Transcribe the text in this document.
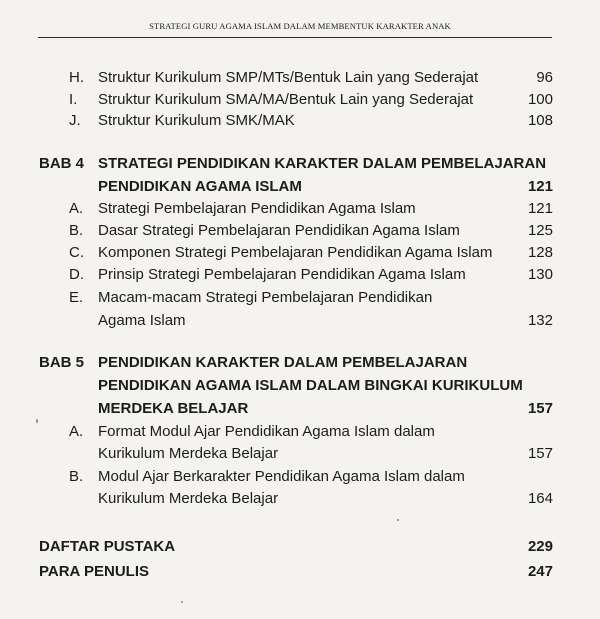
STRATEGI GURU AGAMA ISLAM DALAM MEMBENTUK KARAKTER ANAK
H. Struktur Kurikulum SMP/MTs/Bentuk Lain yang Sederajat	96
I. Struktur Kurikulum SMA/MA/Bentuk Lain yang Sederajat	100
J. Struktur Kurikulum SMK/MAK	108
BAB 4 STRATEGI PENDIDIKAN KARAKTER DALAM PEMBELAJARAN
PENDIDIKAN AGAMA ISLAM	121
A. Strategi Pembelajaran Pendidikan Agama Islam	121
B. Dasar Strategi Pembelajaran Pendidikan Agama Islam	125
C. Komponen Strategi Pembelajaran Pendidikan Agama Islam 128
D. Prinsip Strategi Pembelajaran Pendidikan Agama Islam	130
E. Macam-macam Strategi Pembelajaran Pendidikan
Agama Islam	132
BAB 5 PENDIDIKAN KARAKTER DALAM PEMBELAJARAN
PENDIDIKAN AGAMA ISLAM DALAM BINGKAI KURIKULUM
MERDEKA BELAJAR	157
A. Format Modul Ajar Pendidikan Agama Islam dalam
Kurikulum Merdeka Belajar	157
B. Modul Ajar Berkarakter Pendidikan Agama Islam dalam
Kurikulum Merdeka Belajar	164
DAFTAR PUSTAKA	229
PARA PENULIS	247
